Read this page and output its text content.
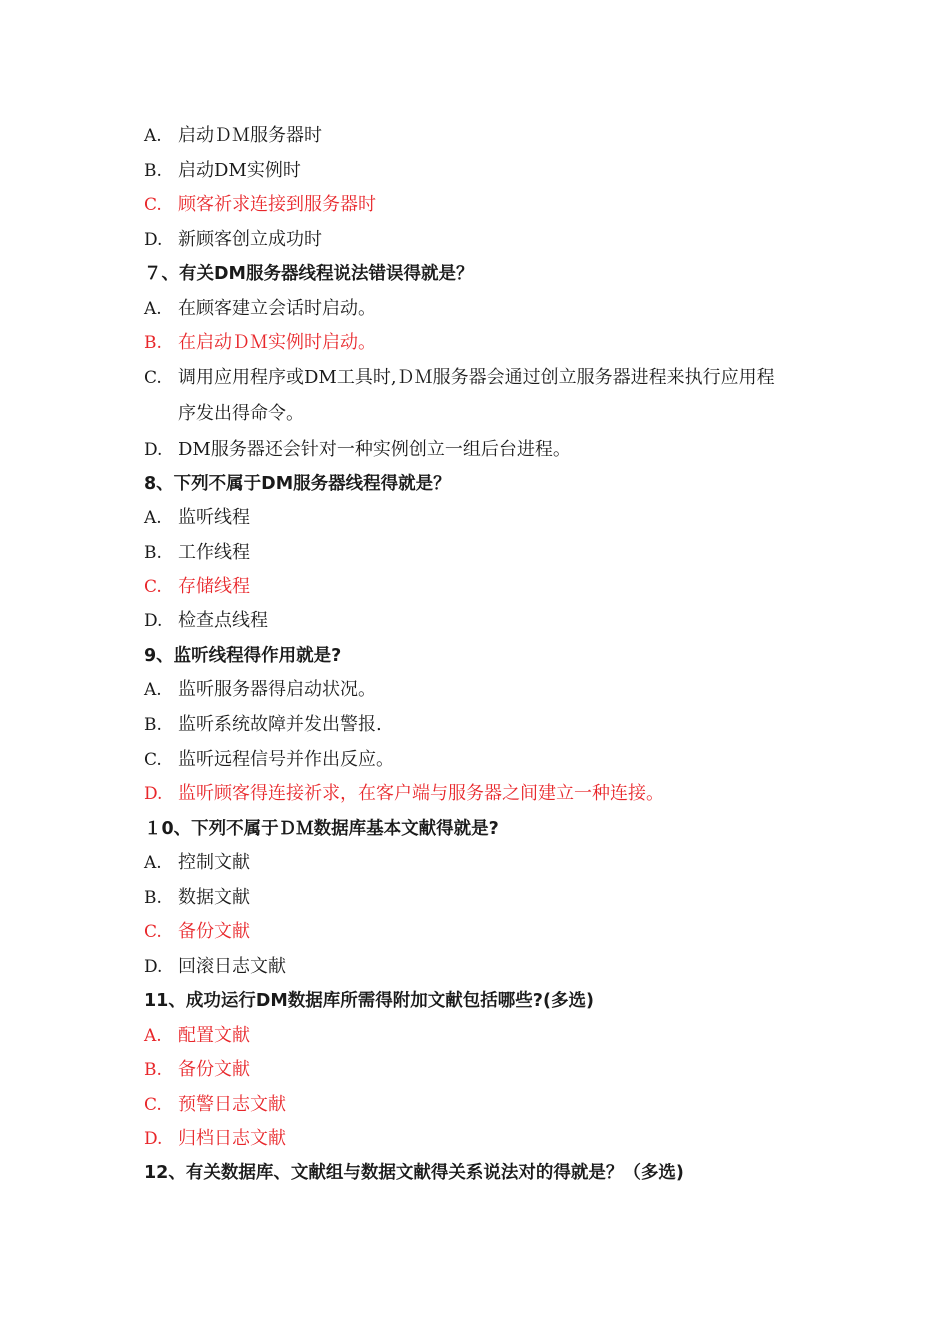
A. 启动ＤＭ服务器时
B. 启动DM实例时
C. 顾客祈求连接到服务器时
D. 新顾客创立成功时
７、有关DM服务器线程说法错误得就是？
A. 在顾客建立会话时启动。
B. 在启动ＤＭ实例时启动。
C. 调用应用程序或DM工具时,ＤＭ服务器会通过创立服务器进程来执行应用程
序发出得命令。
D. DM服务器还会针对一种实例创立一组后台进程。
8、下列不属于DM服务器线程得就是？
A. 监听线程
B. 工作线程
C. 存储线程
D. 检查点线程
9、监听线程得作用就是?
A. 监听服务器得启动状况。
B. 监听系统故障并发出警报.
C. 监听远程信号并作出反应。
D. 监听顾客得连接祈求，在客户端与服务器之间建立一种连接。
１0、下列不属于ＤＭ数据库基本文献得就是?
A. 控制文献
B. 数据文献
C. 备份文献
D. 回滚日志文献
11、成功运行DM数据库所需得附加文献包括哪些?(多选)
A. 配置文献
B. 备份文献
C. 预警日志文献
D. 归档日志文献
12、有关数据库、文献组与数据文献得关系说法对的得就是？（多选)
